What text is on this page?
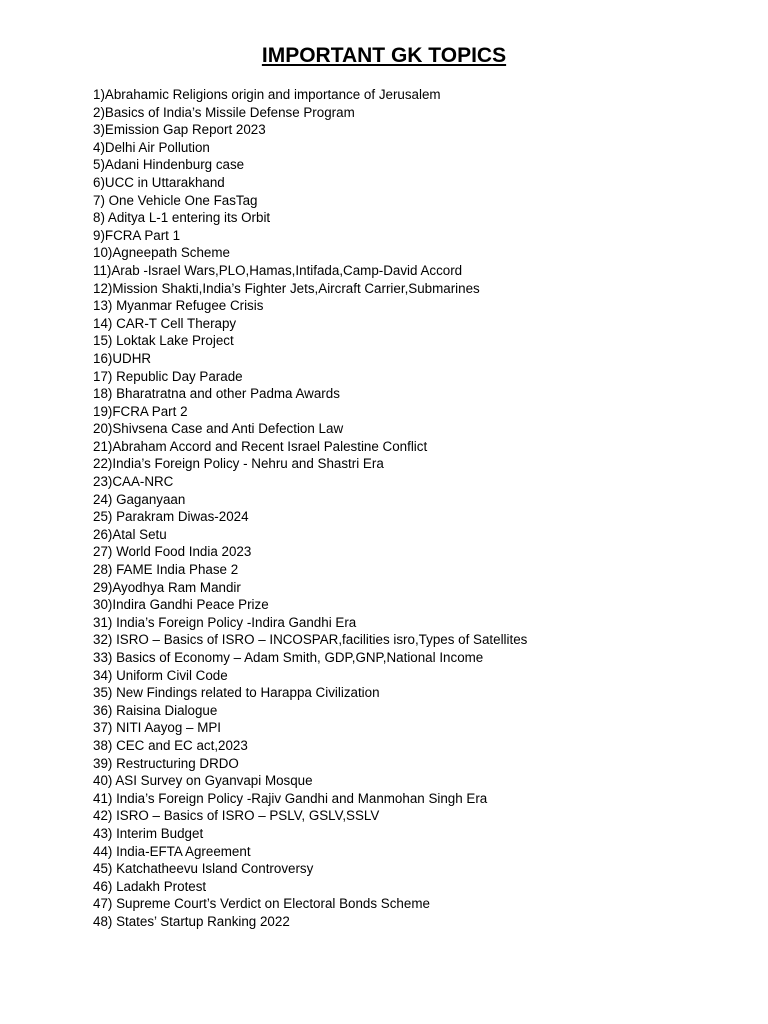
IMPORTANT GK TOPICS
1)Abrahamic Religions origin and importance of Jerusalem
2)Basics of India’s Missile Defense Program
3)Emission Gap Report 2023
4)Delhi Air Pollution
5)Adani Hindenburg case
6)UCC in Uttarakhand
7) One Vehicle One FasTag
8) Aditya L-1 entering its Orbit
9)FCRA Part 1
10)Agneepath Scheme
11)Arab -Israel Wars,PLO,Hamas,Intifada,Camp-David Accord
12)Mission Shakti,India’s Fighter Jets,Aircraft Carrier,Submarines
13) Myanmar Refugee Crisis
14) CAR-T Cell Therapy
15) Loktak Lake Project
16)UDHR
17) Republic Day Parade
18) Bharatratna and other Padma Awards
19)FCRA Part 2
20)Shivsena Case and Anti Defection Law
21)Abraham Accord and Recent Israel Palestine Conflict
22)India’s Foreign Policy - Nehru and Shastri Era
23)CAA-NRC
24) Gaganyaan
25) Parakram Diwas-2024
26)Atal Setu
27) World Food India 2023
28) FAME India Phase 2
29)Ayodhya Ram Mandir
30)Indira Gandhi Peace Prize
31) India’s Foreign Policy -Indira Gandhi Era
32) ISRO – Basics of ISRO – INCOSPAR,facilities isro,Types of Satellites
33) Basics of Economy – Adam Smith, GDP,GNP,National Income
34) Uniform Civil Code
35) New Findings related to Harappa Civilization
36) Raisina Dialogue
37) NITI Aayog – MPI
38) CEC and EC act,2023
39) Restructuring DRDO
40) ASI Survey on Gyanvapi Mosque
41) India’s Foreign Policy -Rajiv Gandhi and Manmohan Singh Era
42) ISRO – Basics of ISRO – PSLV, GSLV,SSLV
43) Interim Budget
44) India-EFTA Agreement
45) Katchatheevu Island Controversy
46) Ladakh Protest
47) Supreme Court’s Verdict on Electoral Bonds Scheme
48) States’ Startup Ranking 2022
